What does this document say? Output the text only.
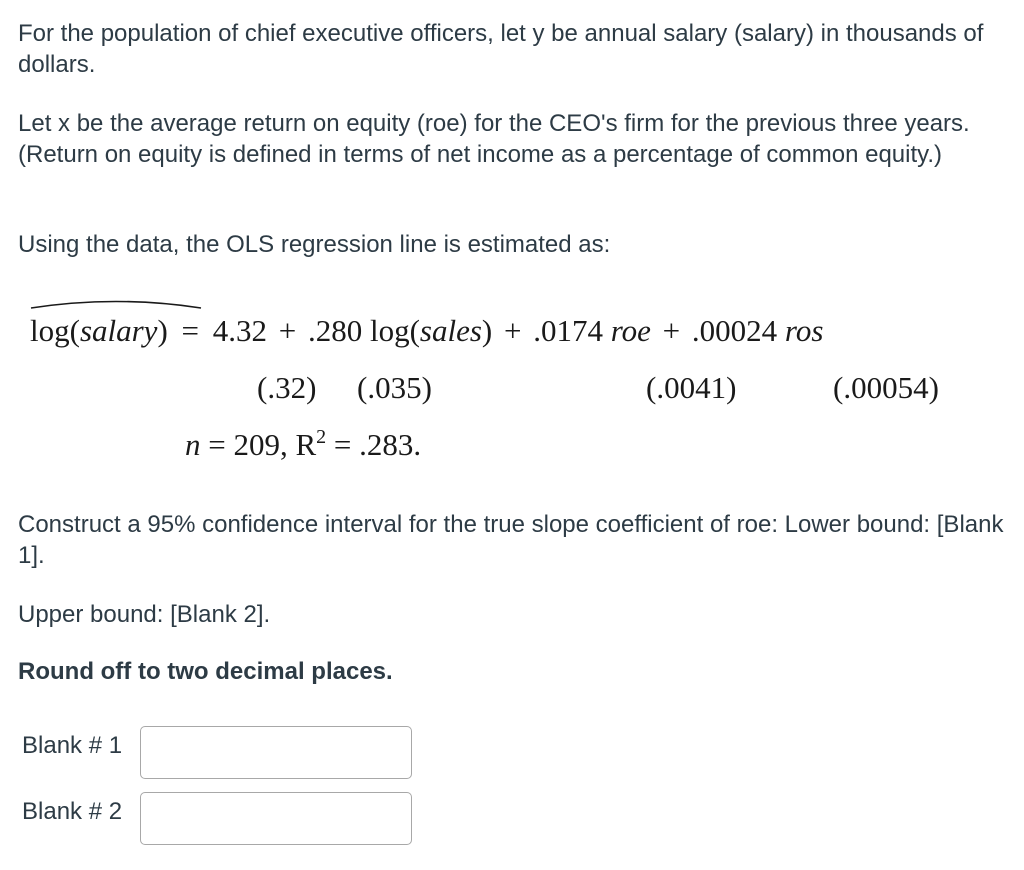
For the population of chief executive officers, let y be annual salary (salary) in thousands of dollars.

Let x be the average return on equity (roe) for the CEO's firm for the previous three years. (Return on equity is defined in terms of net income as a percentage of common equity.)

Using the data, the OLS regression line is estimated as:

log(salary) = 4.32 + .280 log(sales) + .0174 roe + .00024 ros
(.32) (.035)	(.0041)	(.00054)
n = 209, $R^2 = .283$.

Construct a 95% confidence interval for the true slope coefficient of roe: Lower bound: [Blank 1].

Upper bound: [Blank 2].

Round off to two decimal places.

Blank # 1
Blank # 2
